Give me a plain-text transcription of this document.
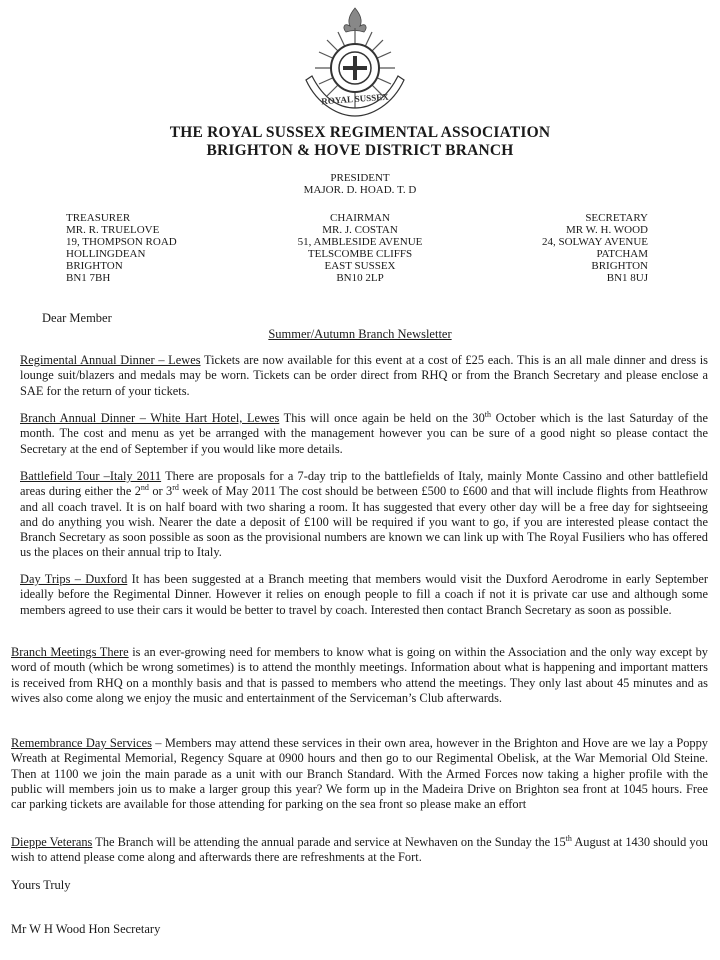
ROYAL SUSSEX
THE ROYAL SUSSEX REGIMENTAL ASSOCIATION
BRIGHTON & HOVE DISTRICT BRANCH
PRESIDENT
MAJOR. D. HOAD. T. D
TREASURER
MR. R. TRUELOVE
19, THOMPSON ROAD
HOLLINGDEAN
BRIGHTON
BN1 7BH
CHAIRMAN
MR. J. COSTAN
51, AMBLESIDE AVENUE
TELSCOMBE CLIFFS
EAST SUSSEX
BN10 2LP
SECRETARY
MR W. H. WOOD
24, SOLWAY AVENUE
PATCHAM
BRIGHTON
BN1 8UJ
Dear Member
Summer/Autumn Branch Newsletter
Regimental Annual Dinner – Lewes Tickets are now available for this event at a cost of £25 each. This is an all male dinner and dress is lounge suit/blazers and medals may be worn. Tickets can be order direct from RHQ or from the Branch Secretary and please enclose a SAE for the return of your tickets.
Branch Annual Dinner – White Hart Hotel, Lewes This will once again be held on the 30th October which is the last Saturday of the month. The cost and menu as yet be arranged with the management however you can be sure of a good night so please contact the Secretary at the end of September if you would like more details.
Battlefield Tour –Italy 2011 There are proposals for a 7-day trip to the battlefields of Italy, mainly Monte Cassino and other battlefield areas during either the 2nd or 3rd week of May 2011 The cost should be between £500 to £600 and that will include flights from Heathrow and all coach travel. It is on half board with two sharing a room. It has suggested that every other day will be a free day for sightseeing and do anything you wish. Nearer the date a deposit of £100 will be required if you want to go, if you are interested please contact the Branch Secretary as soon possible as soon as the provisional numbers are known we can link up with The Royal Fusiliers who has offered us the places on their annual trip to Italy.
Day Trips – Duxford It has been suggested at a Branch meeting that members would visit the Duxford Aerodrome in early September ideally before the Regimental Dinner. However it relies on enough people to fill a coach if not it is private car use and although some members agreed to use their cars it would be better to travel by coach. Interested then contact Branch Secretary as soon as possible.
Branch Meetings There is an ever-growing need for members to know what is going on within the Association and the only way except by word of mouth (which be wrong sometimes) is to attend the monthly meetings. Information about what is happening and important matters is received from RHQ on a monthly basis and that is passed to members who attend the meetings. They only last about 45 minutes and as wives also come along we enjoy the music and entertainment of the Serviceman’s Club afterwards.
Remembrance Day Services – Members may attend these services in their own area, however in the Brighton and Hove are we lay a Poppy Wreath at Regimental Memorial, Regency Square at 0900 hours and then go to our Regimental Obelisk, at the War Memorial Old Steine. Then at 1100 we join the main parade as a unit with our Branch Standard. With the Armed Forces now taking a higher profile with the public will members join us to make a larger group this year? We form up in the Madeira Drive on Brighton sea front at 1045 hours. Free car parking tickets are available for those attending for parking on the sea front so please make an effort
Dieppe Veterans The Branch will be attending the annual parade and service at Newhaven on the Sunday the 15th August at 1430 should you wish to attend please come along and afterwards there are refreshments at the Fort.
Yours Truly
Mr W H Wood Hon Secretary
